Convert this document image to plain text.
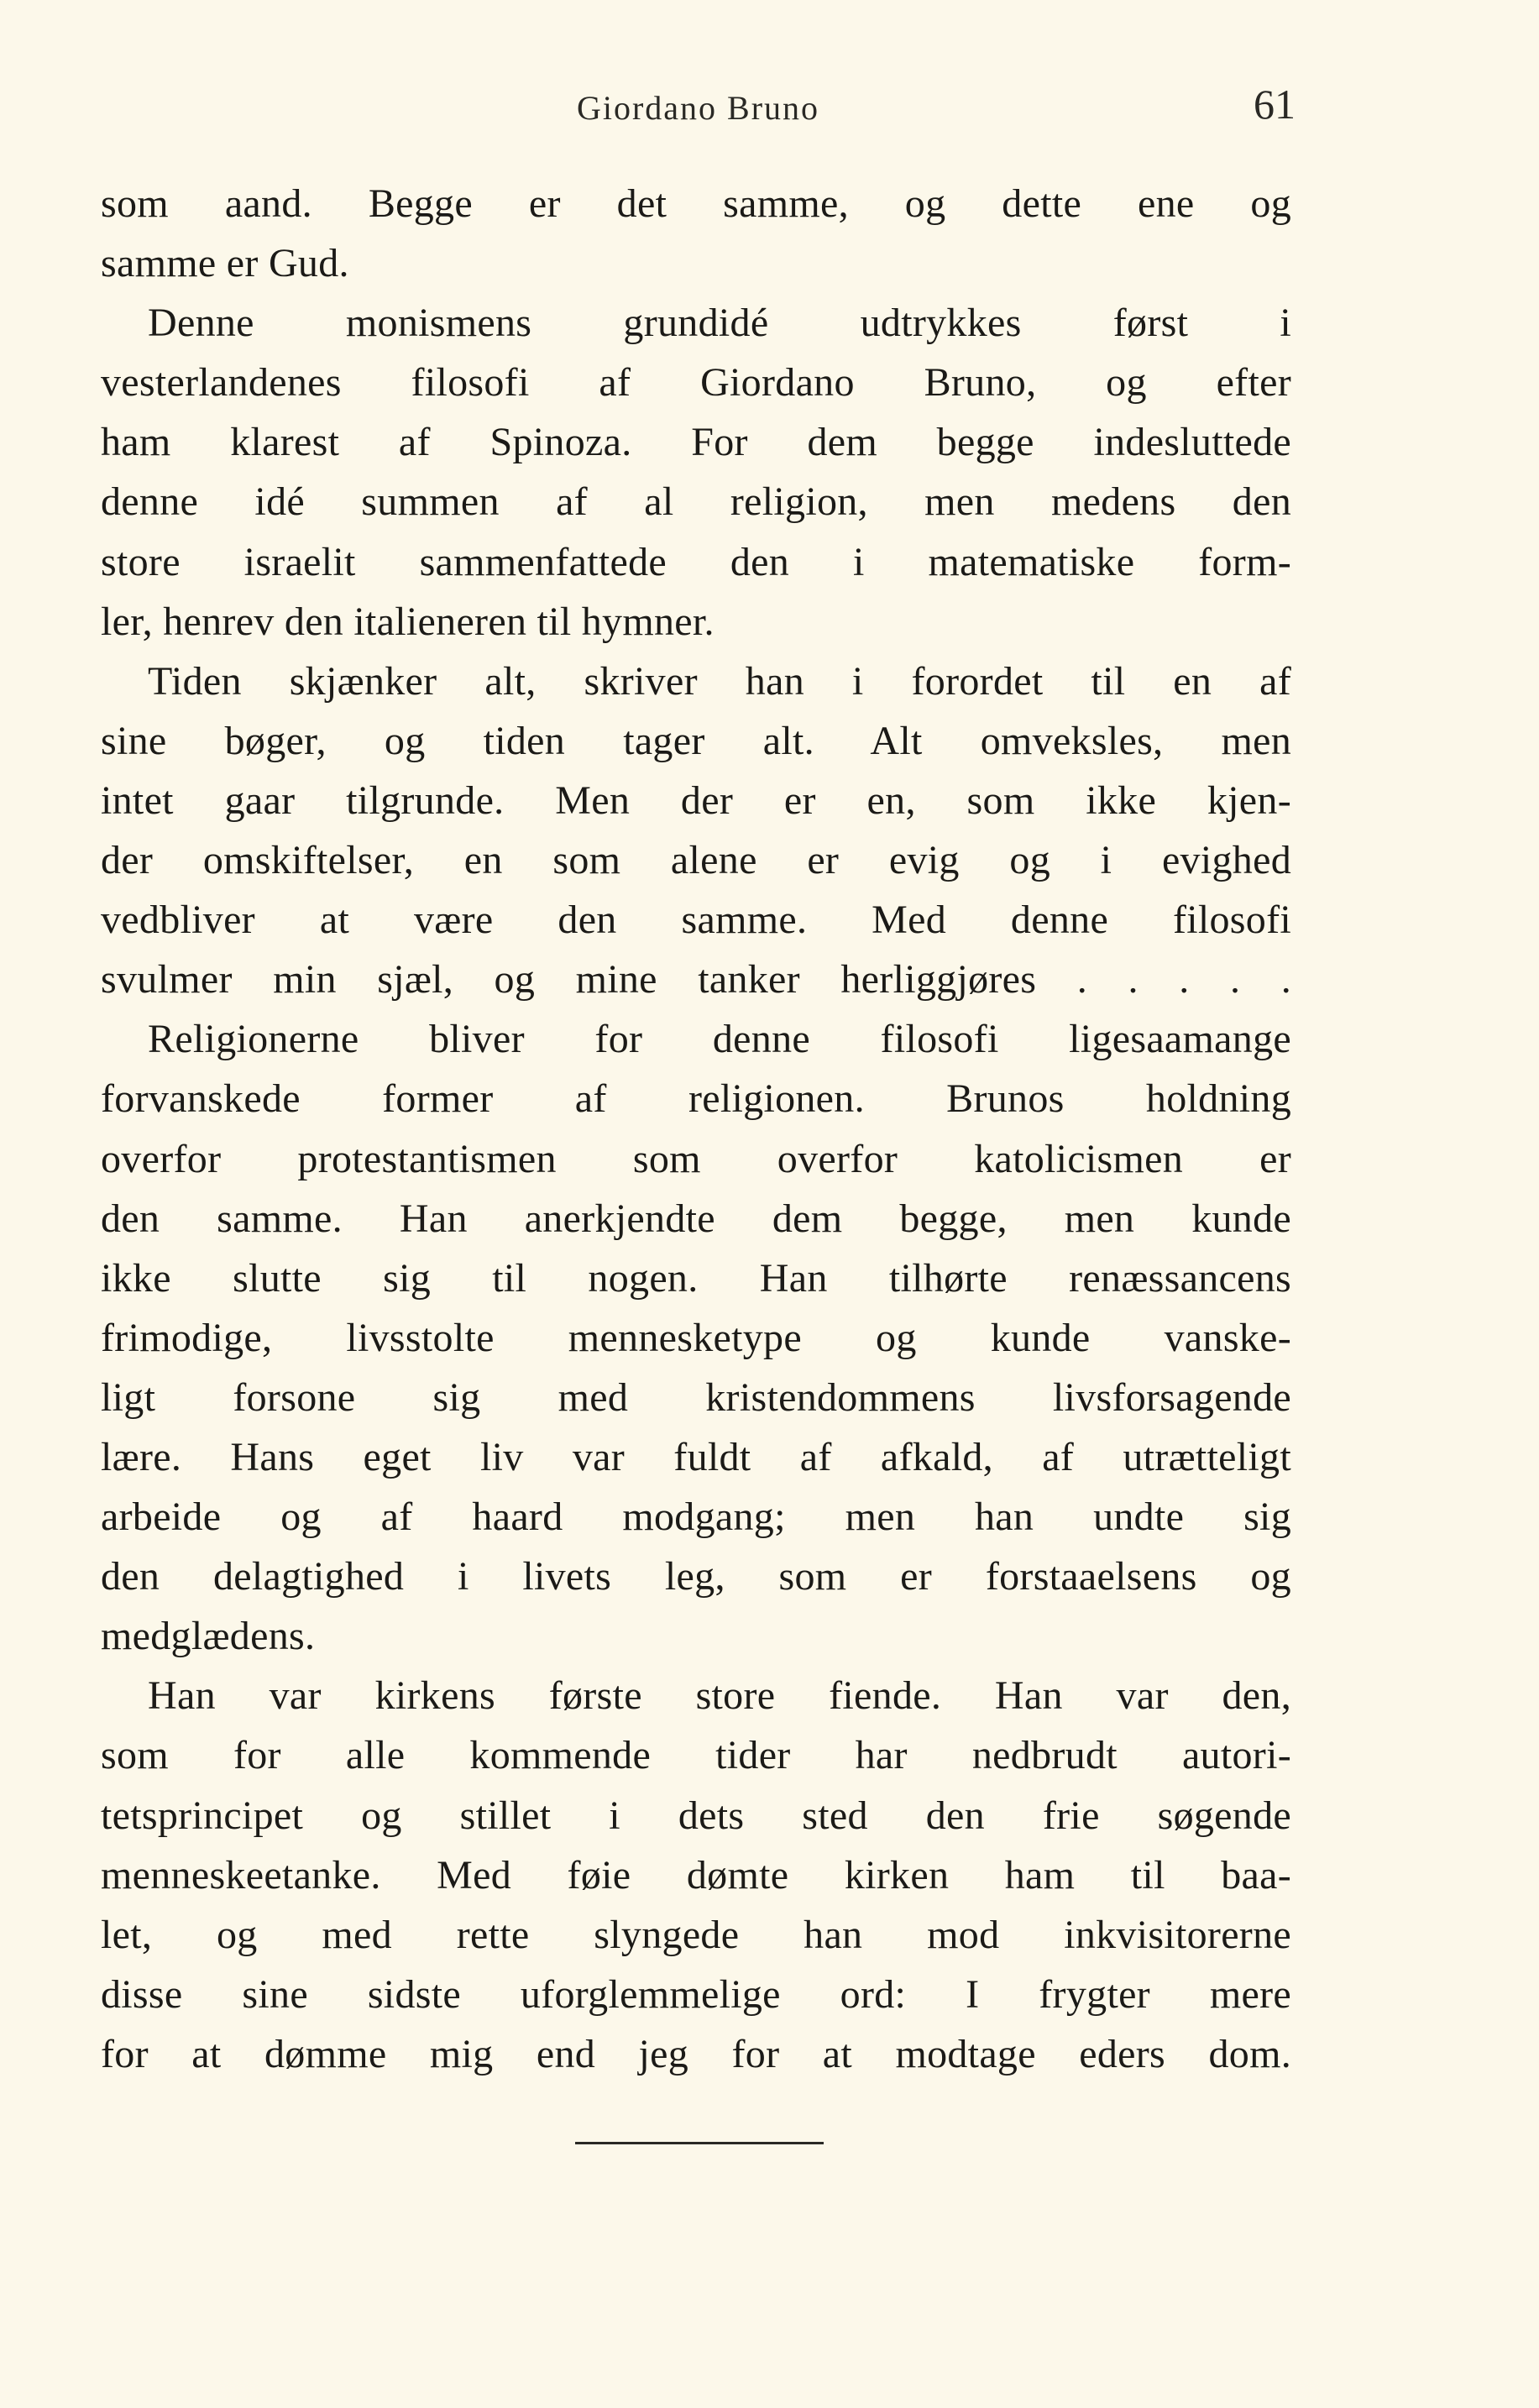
Giordano Bruno	61
som aand. Begge er det samme, og dette ene og
samme er Gud.
Denne monismens grundidé udtrykkes først i
vesterlandenes filosofi af Giordano Bruno, og efter
ham klarest af Spinoza. For dem begge indesluttede
denne idé summen af al religion, men medens den
store israelit sammenfattede den i matematiske form-
ler, henrev den italieneren til hymner.
Tiden skjænker alt, skriver han i forordet til en af
sine bøger, og tiden tager alt. Alt omveksles, men
intet gaar tilgrunde. Men der er en, som ikke kjen-
der omskiftelser, en som alene er evig og i evighed
vedbliver at være den samme. Med denne filosofi
svulmer min sjæl, og mine tanker herliggjøres . . . . .
Religionerne bliver for denne filosofi ligesaamange
forvanskede former af religionen. Brunos holdning
overfor protestantismen som overfor katolicismen er
den samme. Han anerkjendte dem begge, men kunde
ikke slutte sig til nogen. Han tilhørte renæssancens
frimodige, livsstolte mennesketype og kunde vanske-
ligt forsone sig med kristendommens livsforsagende
lære. Hans eget liv var fuldt af afkald, af utrætteligt
arbeide og af haard modgang; men han undte sig
den delagtighed i livets leg, som er forstaaelsens og
medglædens.
Han var kirkens første store fiende. Han var den,
som for alle kommende tider har nedbrudt autori-
tetsprincipet og stillet i dets sted den frie søgende
menneskeetanke. Med føie dømte kirken ham til baa-
let, og med rette slyngede han mod inkvisitorerne
disse sine sidste uforglemmelige ord: I frygter mere
for at dømme mig end jeg for at modtage eders dom.
